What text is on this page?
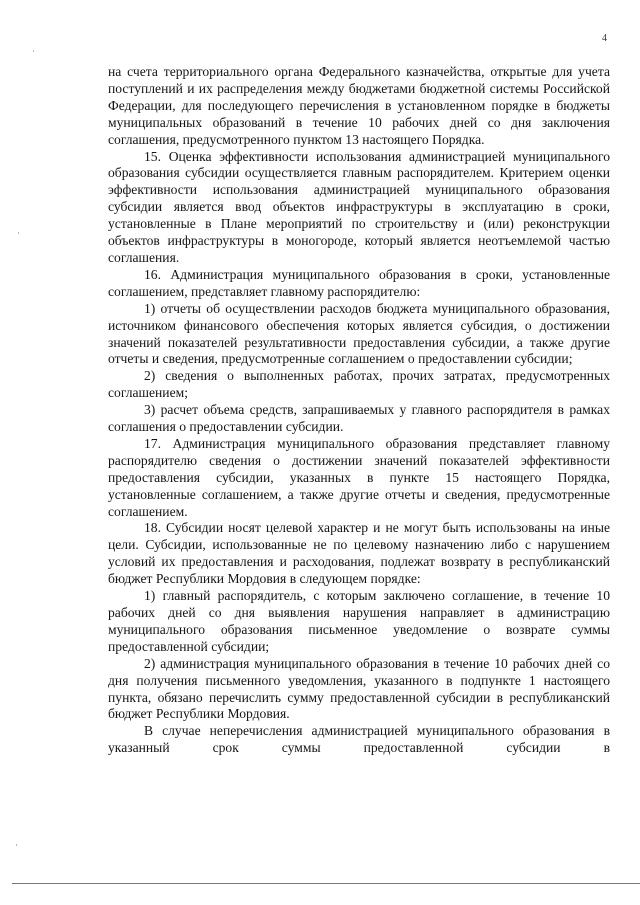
4

на счета территориального органа Федерального казначейства, открытые для учета поступлений и их распределения между бюджетами бюджетной системы Российской Федерации, для последующего перечисления в установленном порядке в бюджеты муниципальных образований в течение 10 рабочих дней со дня заключения соглашения, предусмотренного пунктом 13 настоящего Порядка.

15. Оценка эффективности использования администрацией муниципального образования субсидии осуществляется главным распорядителем. Критерием оценки эффективности использования администрацией муниципального образования субсидии является ввод объектов инфраструктуры в эксплуатацию в сроки, установленные в Плане мероприятий по строительству и (или) реконструкции объектов инфраструктуры в моногороде, который является неотъемлемой частью соглашения.

16. Администрация муниципального образования в сроки, установленные соглашением, представляет главному распорядителю:

1) отчеты об осуществлении расходов бюджета муниципального образования, источником финансового обеспечения которых является субсидия, о достижении значений показателей результативности предоставления субсидии, а также другие отчеты и сведения, предусмотренные соглашением о предоставлении субсидии;

2) сведения о выполненных работах, прочих затратах, предусмотренных соглашением;

3) расчет объема средств, запрашиваемых у главного распорядителя в рамках соглашения о предоставлении субсидии.

17. Администрация муниципального образования представляет главному распорядителю сведения о достижении значений показателей эффективности предоставления субсидии, указанных в пункте 15 настоящего Порядка, установленные соглашением, а также другие отчеты и сведения, предусмотренные соглашением.

18. Субсидии носят целевой характер и не могут быть использованы на иные цели. Субсидии, использованные не по целевому назначению либо с нарушением условий их предоставления и расходования, подлежат возврату в республиканский бюджет Республики Мордовия в следующем порядке:

1) главный распорядитель, с которым заключено соглашение, в течение 10 рабочих дней со дня выявления нарушения направляет в администрацию муниципального образования письменное уведомление о возврате суммы предоставленной субсидии;

2) администрация муниципального образования в течение 10 рабочих дней со дня получения письменного уведомления, указанного в подпункте 1 настоящего пункта, обязано перечислить сумму предоставленной субсидии в республиканский бюджет Республики Мордовия.

В случае неперечисления администрацией муниципального образования в указанный срок суммы предоставленной субсидии в
